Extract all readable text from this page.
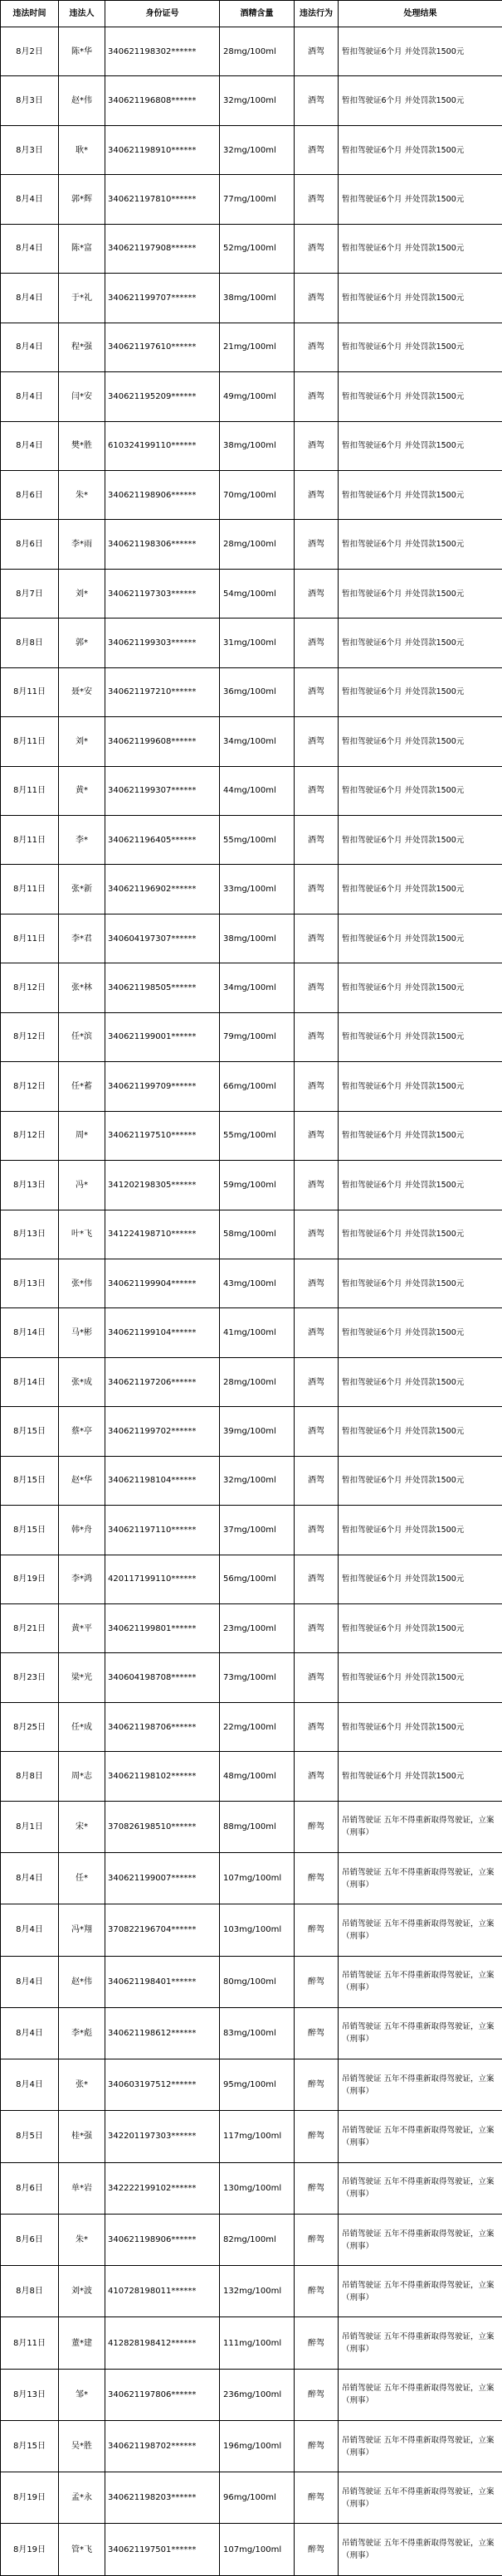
违法时间	违法人	身份证号	酒精含量	违法行为	处理结果
8月2日	陈*华	340621198302******	28mg/100ml	酒驾	暂扣驾驶证6个月 并处罚款1500元
8月3日	赵*伟	340621196808******	32mg/100ml	酒驾	暂扣驾驶证6个月 并处罚款1500元
8月3日	耿*	340621198910******	32mg/100ml	酒驾	暂扣驾驶证6个月 并处罚款1500元
8月4日	郭*辉	340621197810******	77mg/100ml	酒驾	暂扣驾驶证6个月 并处罚款1500元
8月4日	陈*富	340621197908******	52mg/100ml	酒驾	暂扣驾驶证6个月 并处罚款1500元
8月4日	于*礼	340621199707******	38mg/100ml	酒驾	暂扣驾驶证6个月 并处罚款1500元
8月4日	程*强	340621197610******	21mg/100ml	酒驾	暂扣驾驶证6个月 并处罚款1500元
8月4日	闫*安	340621195209******	49mg/100ml	酒驾	暂扣驾驶证6个月 并处罚款1500元
8月4日	樊*胜	610324199110******	38mg/100ml	酒驾	暂扣驾驶证6个月 并处罚款1500元
8月6日	朱*	340621198906******	70mg/100ml	酒驾	暂扣驾驶证6个月 并处罚款1500元
8月6日	李*雨	340621198306******	28mg/100ml	酒驾	暂扣驾驶证6个月 并处罚款1500元
8月7日	刘*	340621197303******	54mg/100ml	酒驾	暂扣驾驶证6个月 并处罚款1500元
8月8日	郭*	340621199303******	31mg/100ml	酒驾	暂扣驾驶证6个月 并处罚款1500元
8月11日	聂*安	340621197210******	36mg/100ml	酒驾	暂扣驾驶证6个月 并处罚款1500元
8月11日	刘*	340621199608******	34mg/100ml	酒驾	暂扣驾驶证6个月 并处罚款1500元
8月11日	黄*	340621199307******	44mg/100ml	酒驾	暂扣驾驶证6个月 并处罚款1500元
8月11日	李*	340621196405******	55mg/100ml	酒驾	暂扣驾驶证6个月 并处罚款1500元
8月11日	张*新	340621196902******	33mg/100ml	酒驾	暂扣驾驶证6个月 并处罚款1500元
8月11日	李*君	340604197307******	38mg/100ml	酒驾	暂扣驾驶证6个月 并处罚款1500元
8月12日	张*林	340621198505******	34mg/100ml	酒驾	暂扣驾驶证6个月 并处罚款1500元
8月12日	任*滨	340621199001******	79mg/100ml	酒驾	暂扣驾驶证6个月 并处罚款1500元
8月12日	任*蓄	340621199709******	66mg/100ml	酒驾	暂扣驾驶证6个月 并处罚款1500元
8月12日	周*	340621197510******	55mg/100ml	酒驾	暂扣驾驶证6个月 并处罚款1500元
8月13日	冯*	341202198305******	59mg/100ml	酒驾	暂扣驾驶证6个月 并处罚款1500元
8月13日	叶*飞	341224198710******	58mg/100ml	酒驾	暂扣驾驶证6个月 并处罚款1500元
8月13日	张*伟	340621199904******	43mg/100ml	酒驾	暂扣驾驶证6个月 并处罚款1500元
8月14日	马*彬	340621199104******	41mg/100ml	酒驾	暂扣驾驶证6个月 并处罚款1500元
8月14日	张*成	340621197206******	28mg/100ml	酒驾	暂扣驾驶证6个月 并处罚款1500元
8月15日	蔡*亭	340621199702******	39mg/100ml	酒驾	暂扣驾驶证6个月 并处罚款1500元
8月15日	赵*华	340621198104******	32mg/100ml	酒驾	暂扣驾驶证6个月 并处罚款1500元
8月15日	韩*舟	340621197110******	37mg/100ml	酒驾	暂扣驾驶证6个月 并处罚款1500元
8月19日	李*鸿	420117199110******	56mg/100ml	酒驾	暂扣驾驶证6个月 并处罚款1500元
8月21日	黄*平	340621199801******	23mg/100ml	酒驾	暂扣驾驶证6个月 并处罚款1500元
8月23日	梁*光	340604198708******	73mg/100ml	酒驾	暂扣驾驶证6个月 并处罚款1500元
8月25日	任*成	340621198706******	22mg/100ml	酒驾	暂扣驾驶证6个月 并处罚款1500元
8月8日	周*志	340621198102******	48mg/100ml	酒驾	暂扣驾驶证6个月 并处罚款1500元
8月1日	宋*	370826198510******	88mg/100ml	醉驾	吊销驾驶证 五年不得重新取得驾驶证，立案（刑事）
8月4日	任*	340621199007******	107mg/100ml	醉驾	吊销驾驶证 五年不得重新取得驾驶证，立案（刑事）
8月4日	冯*翔	370822196704******	103mg/100ml	醉驾	吊销驾驶证 五年不得重新取得驾驶证，立案（刑事）
8月4日	赵*伟	340621198401******	80mg/100ml	醉驾	吊销驾驶证 五年不得重新取得驾驶证，立案（刑事）
8月4日	李*彪	340621198612******	83mg/100ml	醉驾	吊销驾驶证 五年不得重新取得驾驶证，立案（刑事）
8月4日	张*	340603197512******	95mg/100ml	醉驾	吊销驾驶证 五年不得重新取得驾驶证，立案（刑事）
8月5日	桂*强	342201197303******	117mg/100ml	醉驾	吊销驾驶证 五年不得重新取得驾驶证，立案（刑事）
8月6日	单*岩	342222199102******	130mg/100ml	醉驾	吊销驾驶证 五年不得重新取得驾驶证，立案（刑事）
8月6日	朱*	340621198906******	82mg/100ml	醉驾	吊销驾驶证 五年不得重新取得驾驶证，立案（刑事）
8月8日	刘*波	410728198011******	132mg/100ml	醉驾	吊销驾驶证 五年不得重新取得驾驶证，立案（刑事）
8月11日	董*建	412828198412******	111mg/100ml	醉驾	吊销驾驶证 五年不得重新取得驾驶证，立案（刑事）
8月13日	邹*	340621197806******	236mg/100ml	醉驾	吊销驾驶证 五年不得重新取得驾驶证，立案（刑事）
8月15日	吴*胜	340621198702******	196mg/100ml	醉驾	吊销驾驶证 五年不得重新取得驾驶证，立案（刑事）
8月19日	孟*永	340621198203******	96mg/100ml	醉驾	吊销驾驶证 五年不得重新取得驾驶证，立案（刑事）
8月19日	管*飞	340621197501******	107mg/100ml	醉驾	吊销驾驶证 五年不得重新取得驾驶证，立案（刑事）
